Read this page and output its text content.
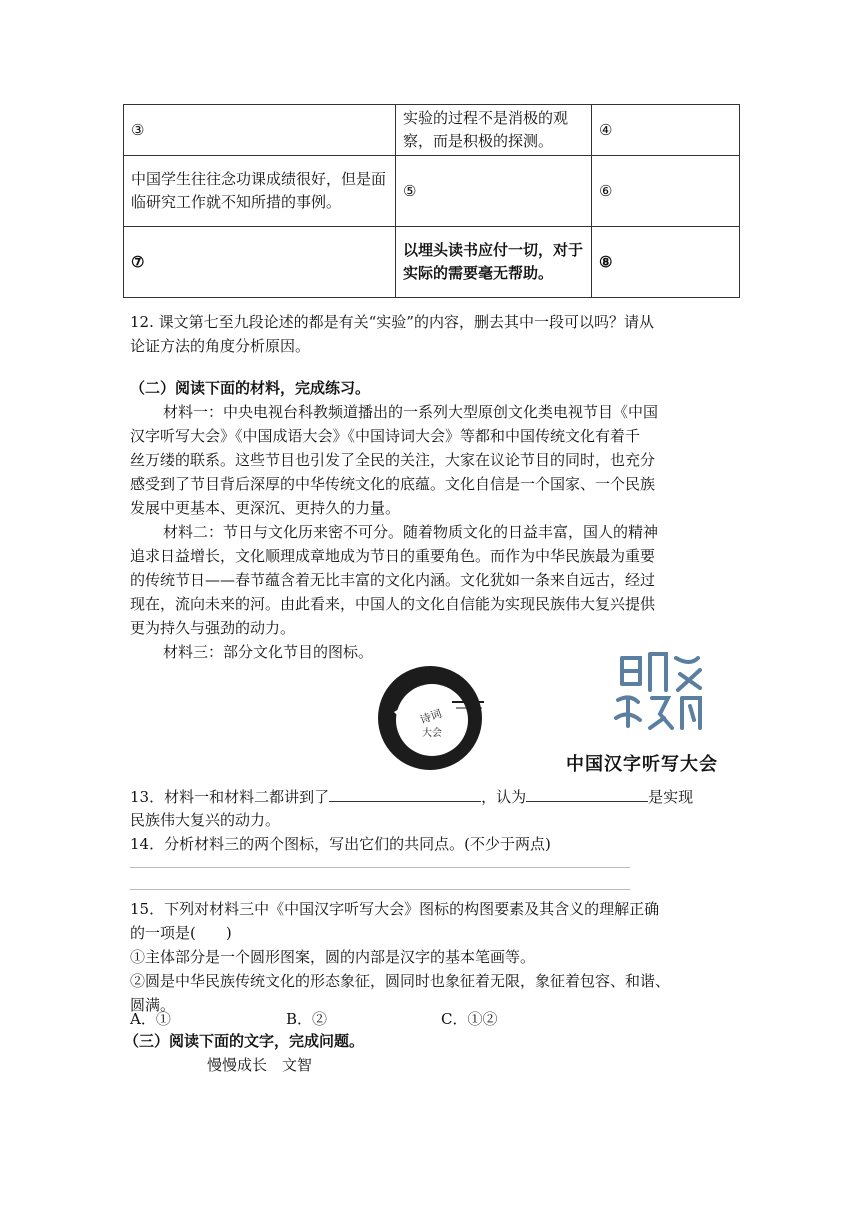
③	实验的过程不是消极的观察，而是积极的探测。	④
中国学生往往念功课成绩很好，但是面临研究工作就不知所措的事例。	⑤	⑥
⑦	以埋头读书应付一切，对于实际的需要毫无帮助。	⑧
12. 课文第七至九段论述的都是有关“实验”的内容，删去其中一段可以吗？请从
论证方法的角度分析原因。
（二）阅读下面的材料，完成练习。
材料一：中央电视台科教频道播出的一系列大型原创文化类电视节目《中国
汉字听写大会》《中国成语大会》《中国诗词大会》等都和中国传统文化有着千
丝万缕的联系。这些节目也引发了全民的关注，大家在议论节目的同时，也充分
感受到了节目背后深厚的中华传统文化的底蕴。文化自信是一个国家、一个民族
发展中更基本、更深沉、更持久的力量。
材料二：节日与文化历来密不可分。随着物质文化的日益丰富，国人的精神
追求日益增长，文化顺理成章地成为节日的重要角色。而作为中华民族最为重要
的传统节日——春节蕴含着无比丰富的文化内涵。文化犹如一条来自远古，经过
现在，流向未来的河。由此看来，中国人的文化自信能为实现民族伟大复兴提供
更为持久与强劲的动力。
材料三：部分文化节目的图标。
诗词
大会
中国汉字听写大会
13．材料一和材料二都讲到了	，认为	是实现
民族伟大复兴的动力。
14．分析材料三的两个图标，写出它们的共同点。(不少于两点)
15．下列对材料三中《中国汉字听写大会》图标的构图要素及其含义的理解正确
的一项是(　　)
①主体部分是一个圆形图案，圆的内部是汉字的基本笔画等。
②圆是中华民族传统文化的形态象征，圆同时也象征着无限，象征着包容、和谐、
圆满。
A．①	B．②	C．①②
（三）阅读下面的文字，完成问题。
慢慢成长　文智
